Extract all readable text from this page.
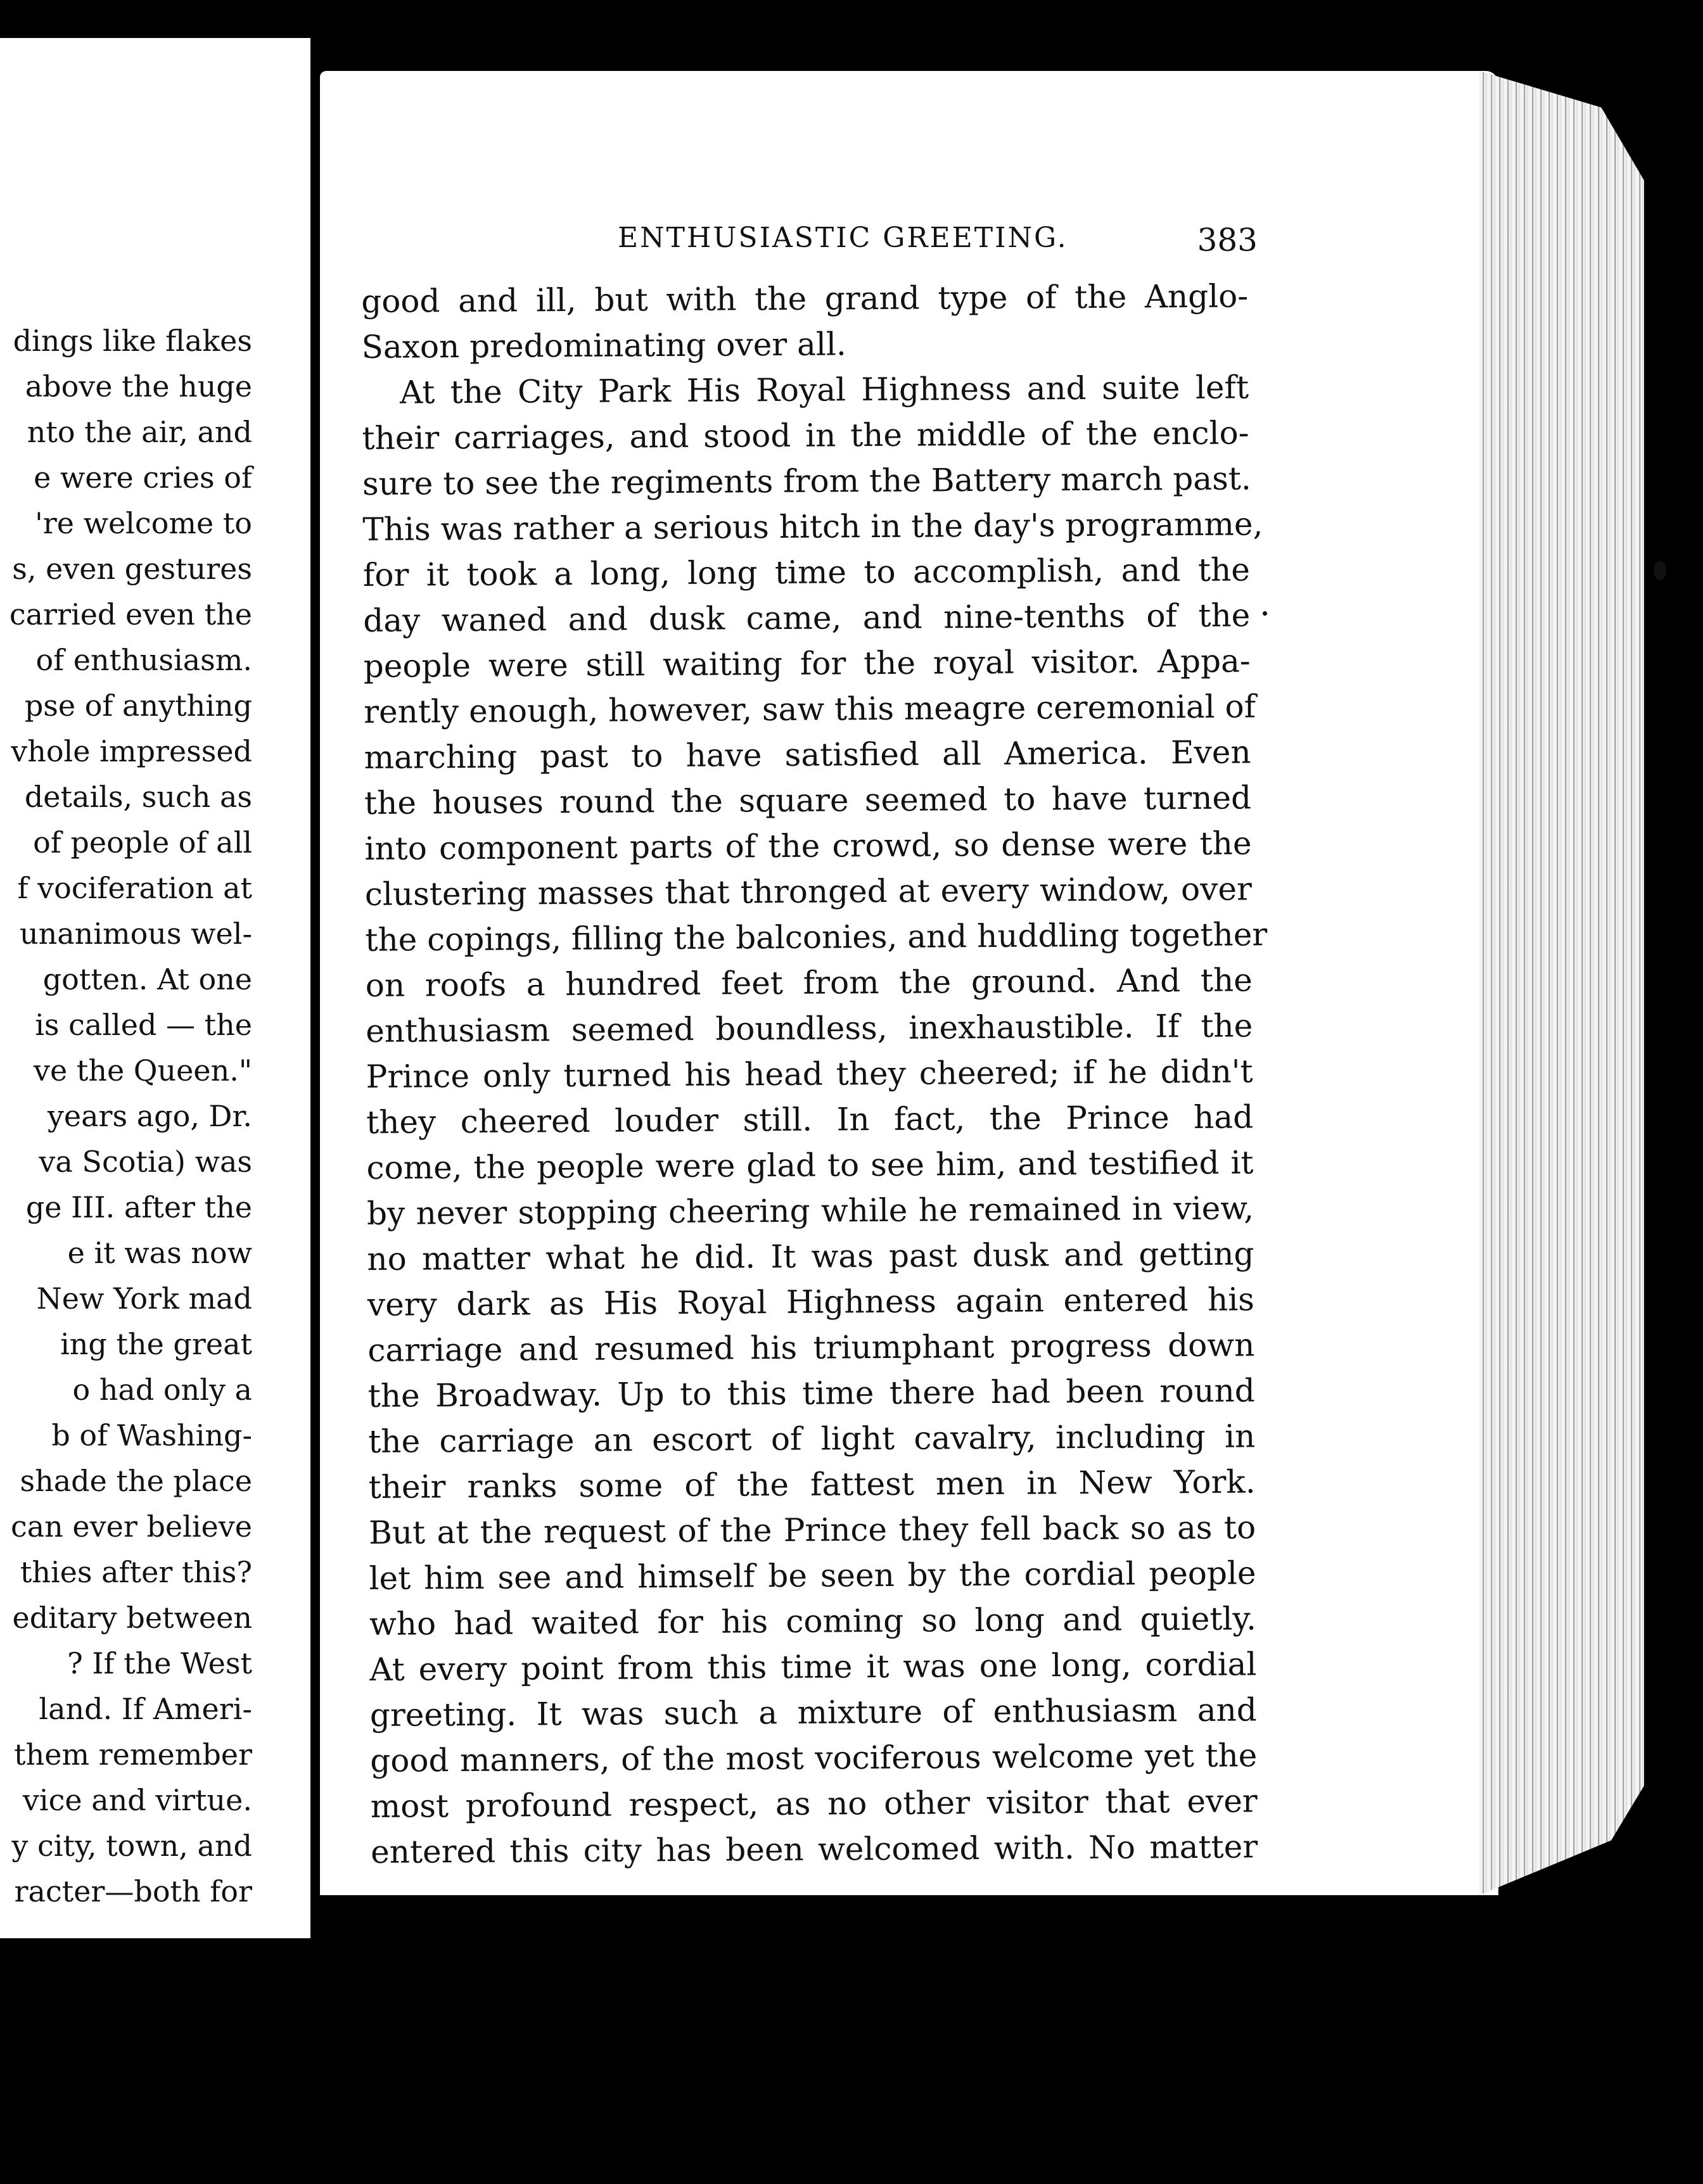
dings like flakes
above the huge
nto the air, and
e were cries of
're welcome to
s, even gestures
carried even the
of enthusiasm.
pse of anything
vhole impressed
details, such as
of people of all
f vociferation at
unanimous wel-
gotten. At one
is called — the
ve the Queen."
years ago, Dr.
va Scotia) was
ge III. after the
e it was now
New York mad
ing the great
o had only a
b of Washing-
shade the place
can ever believe
thies after this?
editary between
? If the West
land. If Ameri-
them remember
vice and virtue.
y city, town, and
racter—both for
ENTHUSIASTIC GREETING.	383
good and ill, but with the grand type of the Anglo-
Saxon predominating over all.
At the City Park His Royal Highness and suite left
their carriages, and stood in the middle of the enclo-
sure to see the regiments from the Battery march past.
This was rather a serious hitch in the day's programme,
for it took a long, long time to accomplish, and the
day waned and dusk came, and nine-tenths of the
people were still waiting for the royal visitor. Appa-
rently enough, however, saw this meagre ceremonial of
marching past to have satisfied all America. Even
the houses round the square seemed to have turned
into component parts of the crowd, so dense were the
clustering masses that thronged at every window, over
the copings, filling the balconies, and huddling together
on roofs a hundred feet from the ground. And the
enthusiasm seemed boundless, inexhaustible. If the
Prince only turned his head they cheered; if he didn't
they cheered louder still. In fact, the Prince had
come, the people were glad to see him, and testified it
by never stopping cheering while he remained in view,
no matter what he did. It was past dusk and getting
very dark as His Royal Highness again entered his
carriage and resumed his triumphant progress down
the Broadway. Up to this time there had been round
the carriage an escort of light cavalry, including in
their ranks some of the fattest men in New York.
But at the request of the Prince they fell back so as to
let him see and himself be seen by the cordial people
who had waited for his coming so long and quietly.
At every point from this time it was one long, cordial
greeting. It was such a mixture of enthusiasm and
good manners, of the most vociferous welcome yet the
most profound respect, as no other visitor that ever
entered this city has been welcomed with. No matter
